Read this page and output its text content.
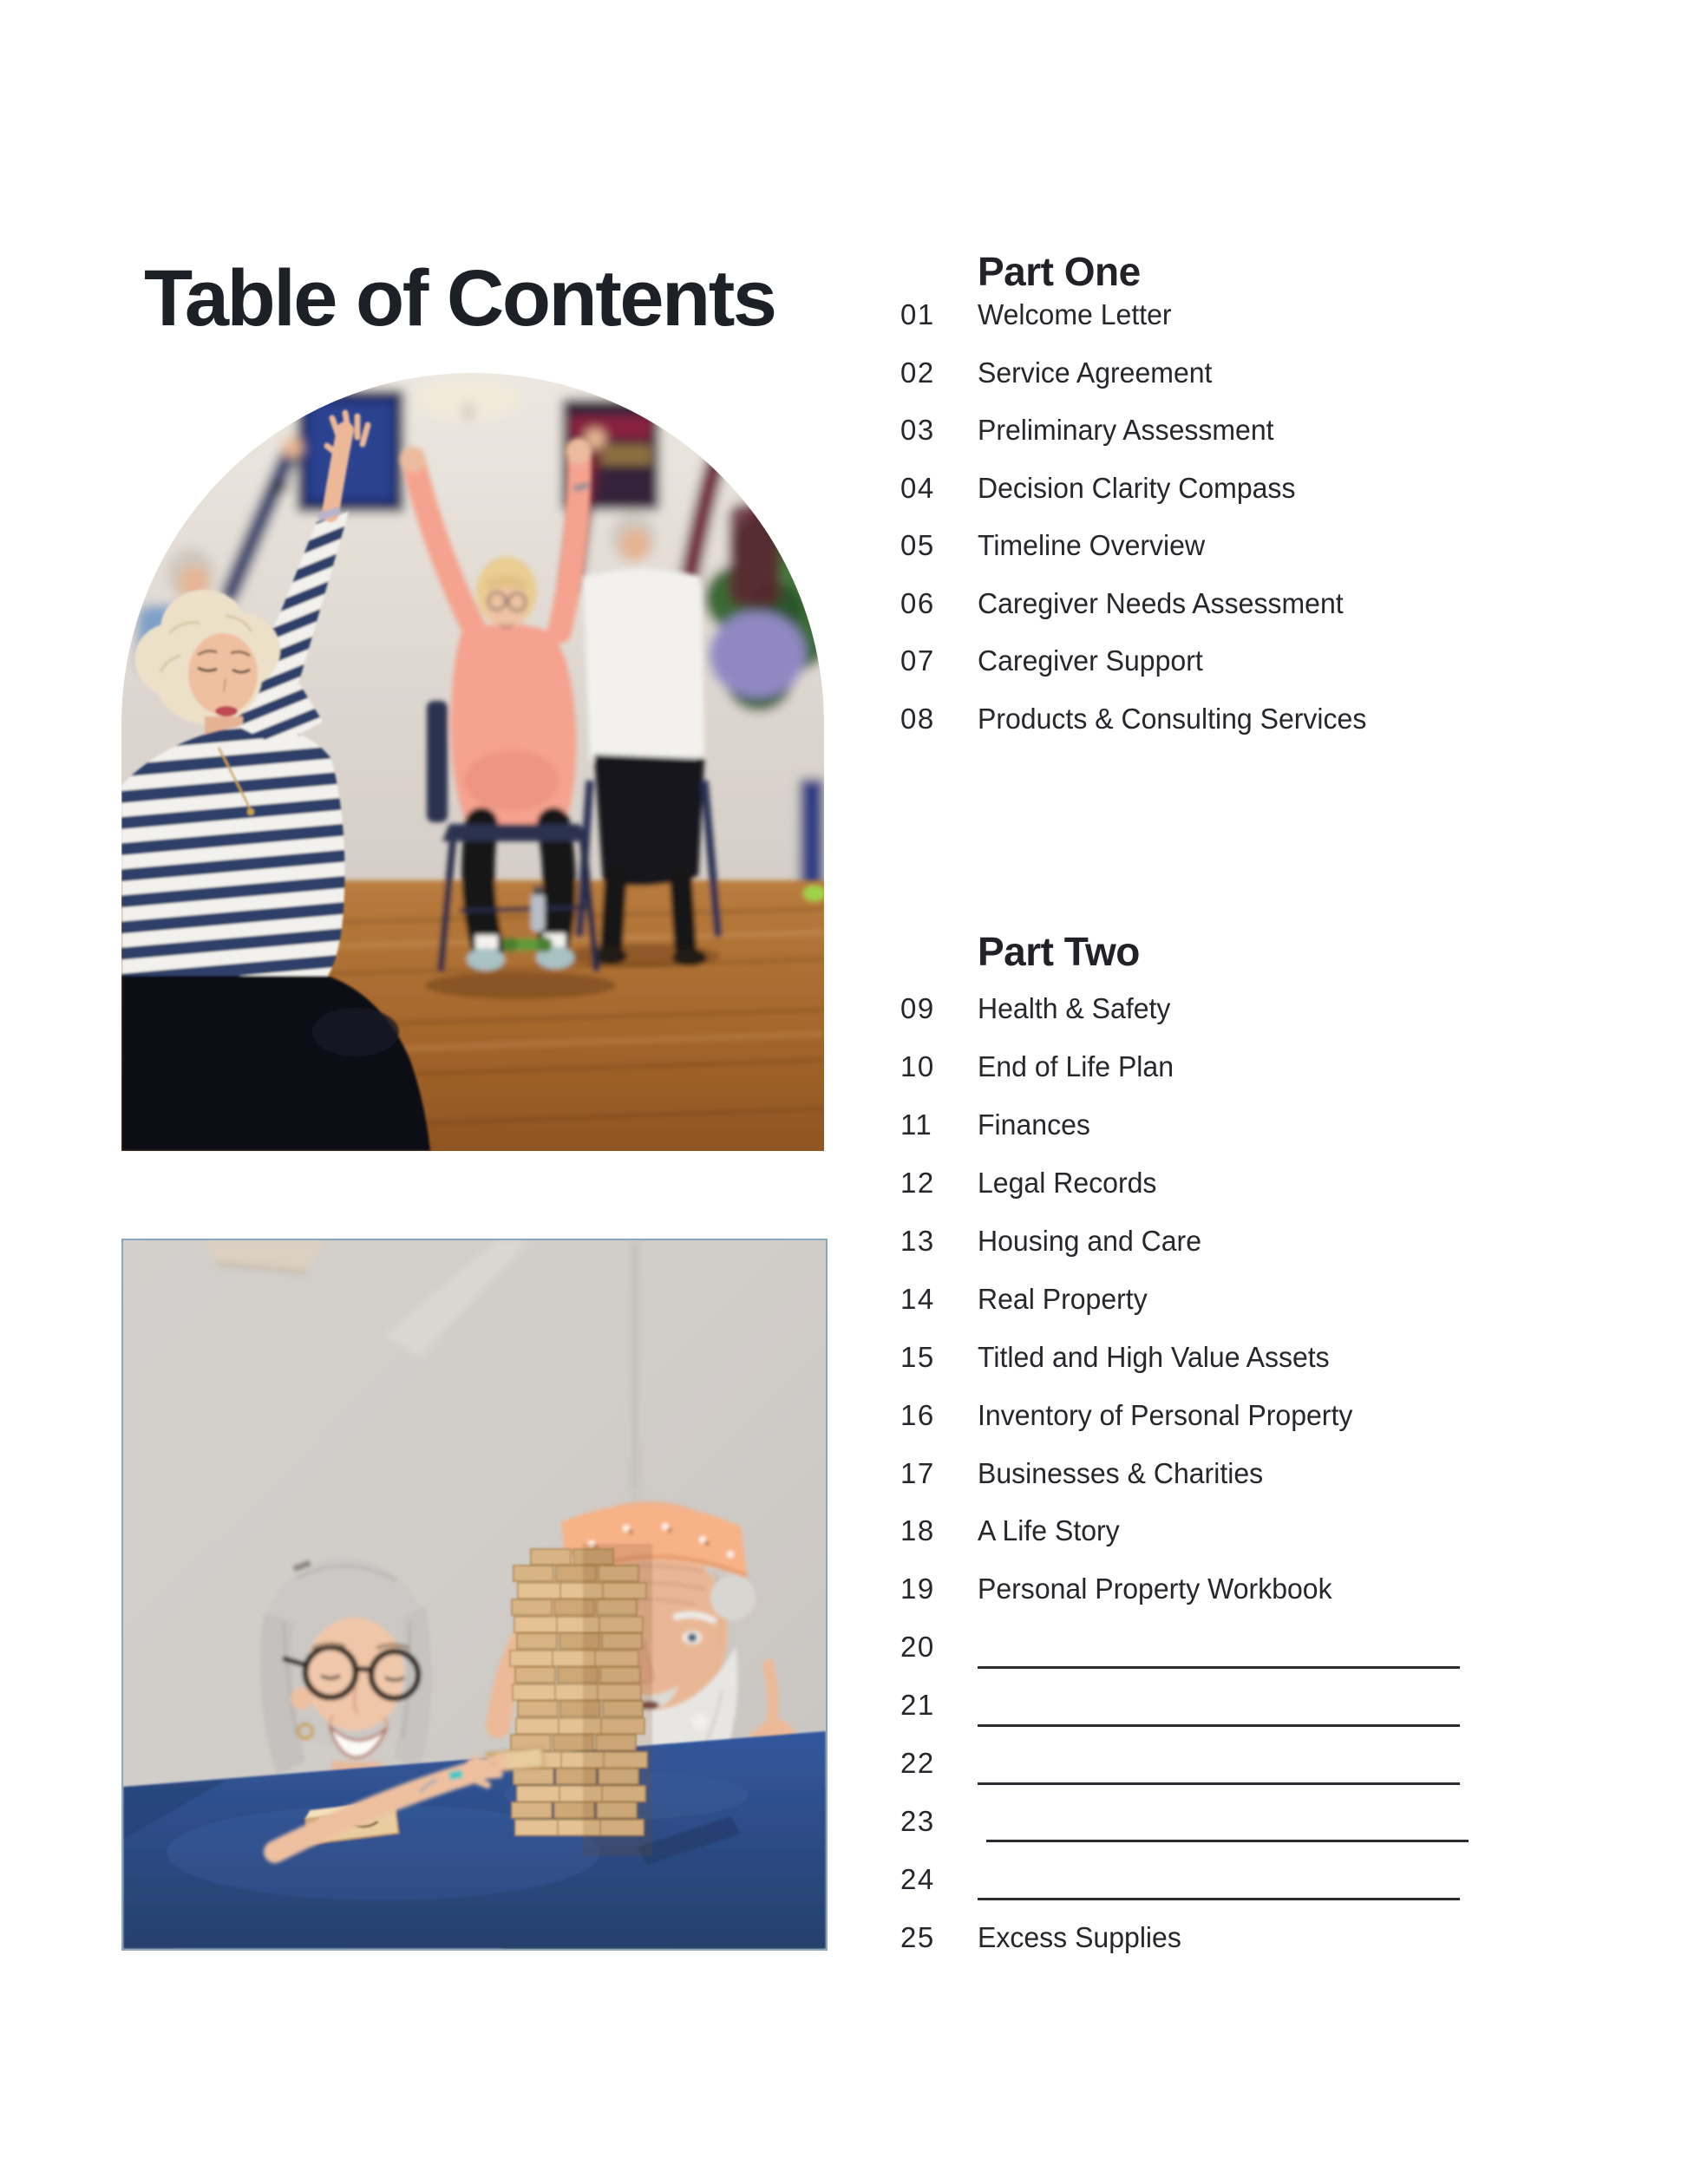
Table of Contents	Part One
01	Welcome Letter
02	Service Agreement
03	Preliminary Assessment
04	Decision Clarity Compass
05	Timeline Overview
06	Caregiver Needs Assessment
07	Caregiver Support
08	Products & Consulting Services
Part Two
09	Health & Safety
10	End of Life Plan
11	Finances
12	Legal Records
13	Housing and Care
14	Real Property
15	Titled and High Value Assets
16	Inventory of Personal Property
17	Businesses & Charities
18	A Life Story
19	Personal Property Workbook
20
21
22
23
24
25	Excess Supplies
